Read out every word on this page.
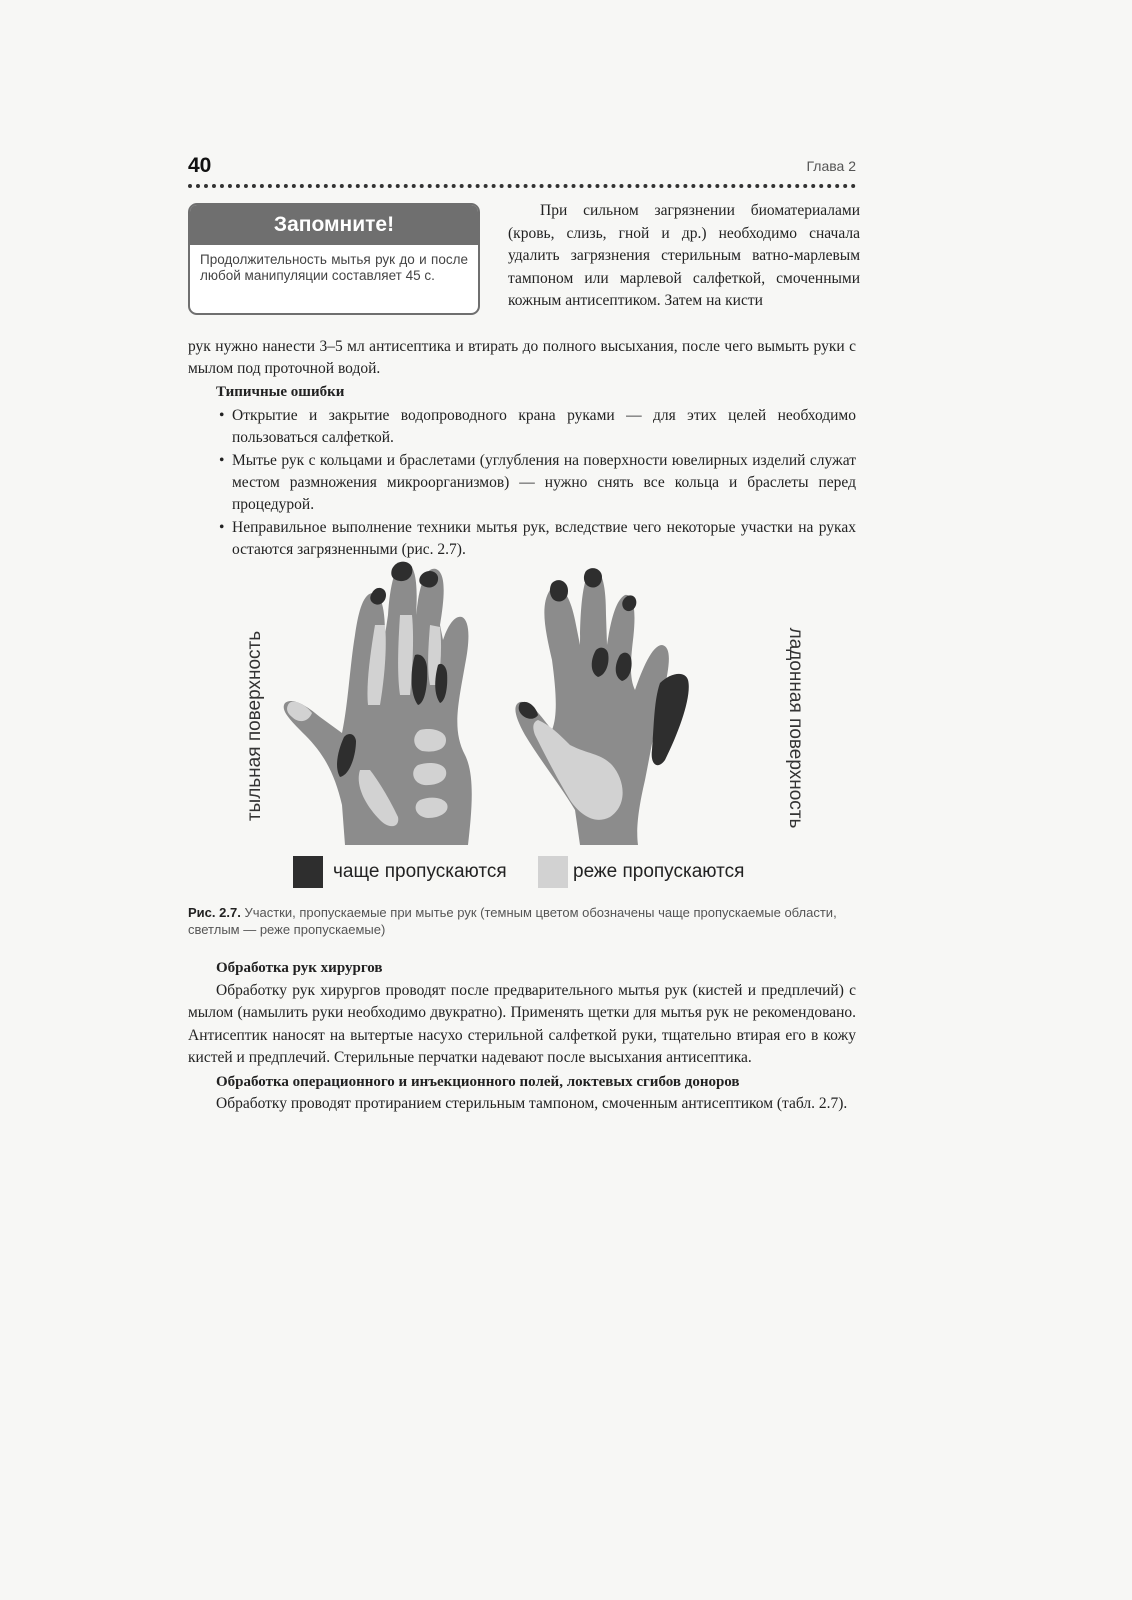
40	Глава 2
Запомните!
Продолжительность мытья рук до и после любой манипуляции составляет 45 с.
При сильном загрязнении биоматериалами (кровь, слизь, гной и др.) необходимо сначала удалить загрязнения стерильным ватно-марлевым тампоном или марлевой салфеткой, смоченными кожным антисептиком. Затем на кисти
рук нужно нанести 3–5 мл антисептика и втирать до полного высыхания, после чего вымыть руки с мылом под проточной водой.
Типичные ошибки
• Открытие и закрытие водопроводного крана руками — для этих целей необходимо пользоваться салфеткой.
• Мытье рук с кольцами и браслетами (углубления на поверхности ювелирных изделий служат местом размножения микроорганизмов) — нужно снять все кольца и браслеты перед процедурой.
• Неправильное выполнение техники мытья рук, вследствие чего некоторые участки на руках остаются загрязненными (рис. 2.7).
тыльная поверхность	ладонная поверхность
чаще пропускаются	реже пропускаются
Рис. 2.7. Участки, пропускаемые при мытье рук (темным цветом обозначены чаще пропускаемые области, светлым — реже пропускаемые)
Обработка рук хирургов

Обработку рук хирургов проводят после предварительного мытья рук (кистей и предплечий) с мылом (намылить руки необходимо двукратно). Применять щетки для мытья рук не рекомендовано. Антисептик наносят на вытертые насухо стерильной салфеткой руки, тщательно втирая его в кожу кистей и предплечий. Стерильные перчатки надевают после высыхания антисептика.

Обработка операционного и инъекционного полей, локтевых сгибов доноров

Обработку проводят протиранием стерильным тампоном, смоченным антисептиком (табл. 2.7).
